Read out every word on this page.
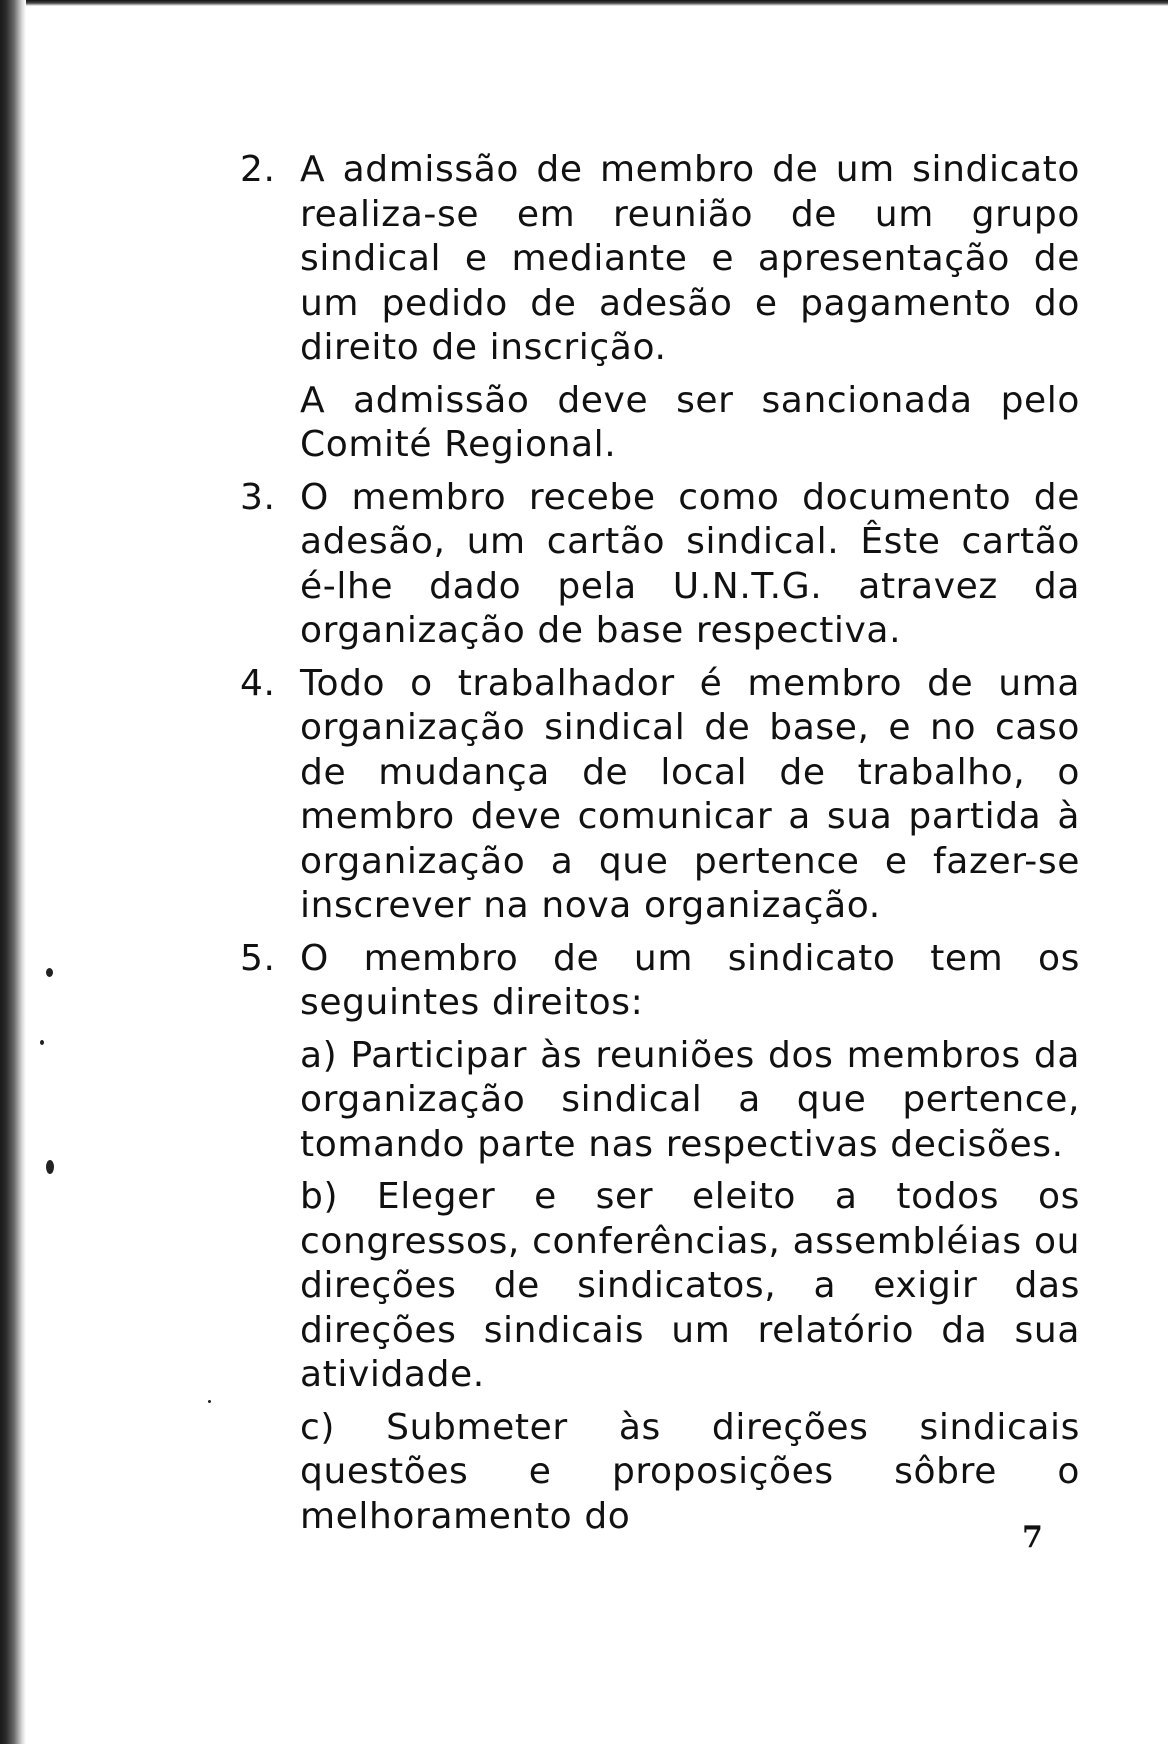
2. A admissão de membro de um sindicato realiza-se em reunião de um grupo sindical e mediante e apresentação de um pedido de adesão e pagamento do direito de inscrição.

A admissão deve ser sancionada pelo Comité Regional.

3. O membro recebe como documento de adesão, um cartão sindical. Êste cartão é-lhe dado pela U.N.T.G. atravez da organização de base respectiva.

4. Todo o trabalhador é membro de uma organização sindical de base, e no caso de mudança de local de trabalho, o membro deve comunicar a sua partida à organização a que pertence e fazer-se inscrever na nova organização.

5. O membro de um sindicato tem os seguintes direitos:

a) Participar às reuniões dos membros da organização sindical a que pertence, tomando parte nas respectivas decisões.

b) Eleger e ser eleito a todos os congressos, conferências, assembléias ou direções de sindicatos, a exigir das direções sindicais um relatório da sua atividade.

c) Submeter às direções sindicais questões e proposições sôbre o melhoramento do

7
